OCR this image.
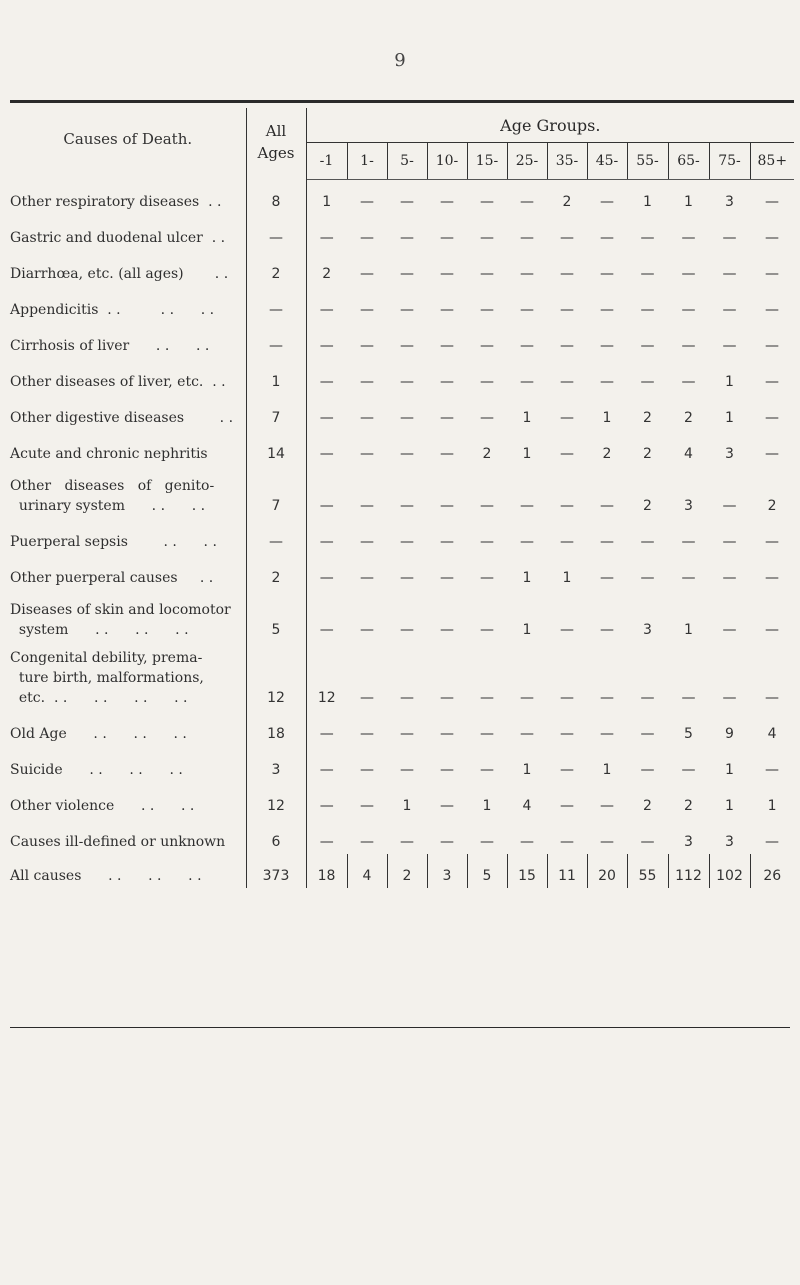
9
Causes of Death.	All
Ages	Age Groups.											
		-1	1-	5-	10-	15-	25-	35-	45-	55-	65-	75-	85+
Other respiratory diseases  . .	8	1	—	—	—	—	—	2	—	1	1	3	—
Gastric and duodenal ulcer  . .	—	—	—	—	—	—	—	—	—	—	—	—	—
Diarrhœa, etc. (all ages)       . .	2	2	—	—	—	—	—	—	—	—	—	—	—
Appendicitis  . .         . .      . .	—	—	—	—	—	—	—	—	—	—	—	—	—
Cirrhosis of liver      . .      . .	—	—	—	—	—	—	—	—	—	—	—	—	—
Other diseases of liver, etc.  . .	1	—	—	—	—	—	—	—	—	—	—	1	—
Other digestive diseases        . .	7	—	—	—	—	—	1	—	1	2	2	1	—
Acute and chronic nephritis	14	—	—	—	—	2	1	—	2	2	4	3	—
Other   diseases   of   genito-
urinary system      . .      . .	7	—	—	—	—	—	—	—	—	2	3	—	2
Puerperal sepsis        . .      . .	—	—	—	—	—	—	—	—	—	—	—	—	—
Other puerperal causes     . .	2	—	—	—	—	—	1	1	—	—	—	—	—
Diseases of skin and locomotor
system      . .      . .      . .	5	—	—	—	—	—	1	—	—	3	1	—	—
Congenital debility, prema-
ture birth, malformations,
etc.  . .      . .      . .      . .	12	12	—	—	—	—	—	—	—	—	—	—	—
Old Age      . .      . .      . .	18	—	—	—	—	—	—	—	—	—	5	9	4
Suicide      . .      . .      . .	3	—	—	—	—	—	1	—	1	—	—	1	—
Other violence      . .      . .	12	—	—	1	—	1	4	—	—	2	2	1	1
Causes ill-defined or unknown	6	—	—	—	—	—	—	—	—	—	3	3	—
All causes      . .      . .      . .	373	18	4	2	3	5	15	11	20	55	112	102	26
